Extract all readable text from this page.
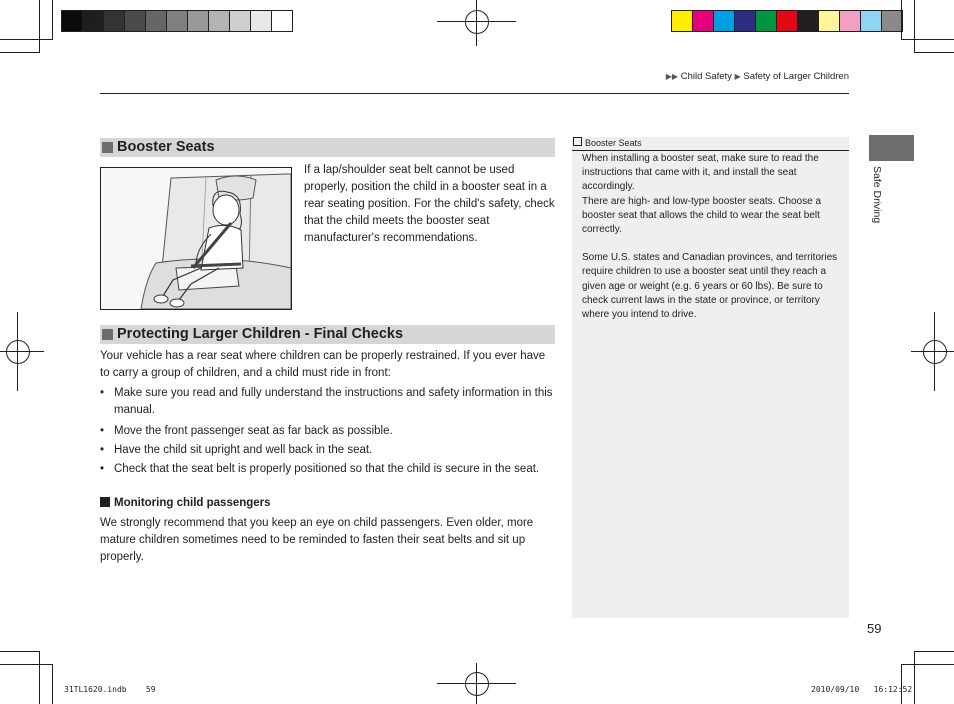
▶▶ Child Safety ▶ Safety of Larger Children
Booster Seats
If a lap/shoulder seat belt cannot be used properly, position the child in a booster seat in a rear seating position. For the child's safety, check that the child meets the booster seat manufacturer's recommendations.
Protecting Larger Children - Final Checks
Your vehicle has a rear seat where children can be properly restrained. If you ever have to carry a group of children, and a child must ride in front:
• Make sure you read and fully understand the instructions and safety information in this manual.
• Move the front passenger seat as far back as possible.
• Have the child sit upright and well back in the seat.
• Check that the seat belt is properly positioned so that the child is secure in the seat.
Monitoring child passengers
We strongly recommend that you keep an eye on child passengers. Even older, more mature children sometimes need to be reminded to fasten their seat belts and sit up properly.
Booster Seats

When installing a booster seat, make sure to read the instructions that came with it, and install the seat accordingly.

There are high- and low-type booster seats. Choose a booster seat that allows the child to wear the seat belt correctly.

Some U.S. states and Canadian provinces, and territories require children to use a booster seat until they reach a given age or weight (e.g. 6 years or 60 lbs). Be sure to check current laws in the state or province, or territory where you intend to drive.

Safe Driving
59
31TL1620.indb 59	2010/09/10 16:12:52
